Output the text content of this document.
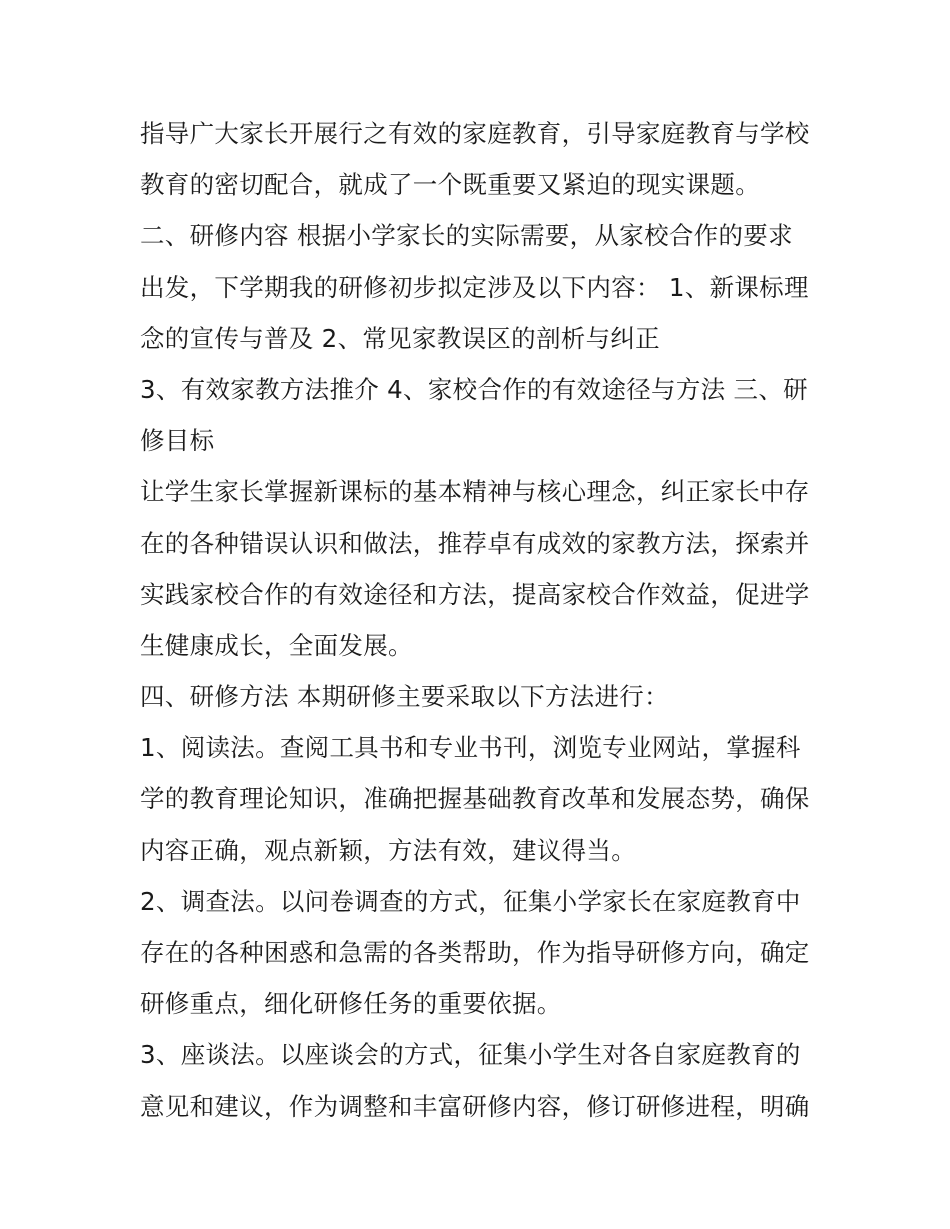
指导广大家长开展行之有效的家庭教育，引导家庭教育与学校
教育的密切配合，就成了一个既重要又紧迫的现实课题。
二、研修内容 根据小学家长的实际需要，从家校合作的要求
出发，下学期我的研修初步拟定涉及以下内容： 1、新课标理
念的宣传与普及 2、常见家教误区的剖析与纠正
3、有效家教方法推介 4、家校合作的有效途径与方法 三、研
修目标
让学生家长掌握新课标的基本精神与核心理念，纠正家长中存
在的各种错误认识和做法，推荐卓有成效的家教方法，探索并
实践家校合作的有效途径和方法，提高家校合作效益，促进学
生健康成长，全面发展。
四、研修方法 本期研修主要采取以下方法进行：
1、阅读法。查阅工具书和专业书刊，浏览专业网站，掌握科
学的教育理论知识，准确把握基础教育改革和发展态势，确保
内容正确，观点新颖，方法有效，建议得当。
2、调查法。以问卷调查的方式，征集小学家长在家庭教育中
存在的各种困惑和急需的各类帮助，作为指导研修方向，确定
研修重点，细化研修任务的重要依据。
3、座谈法。以座谈会的方式，征集小学生对各自家庭教育的
意见和建议，作为调整和丰富研修内容，修订研修进程，明确
